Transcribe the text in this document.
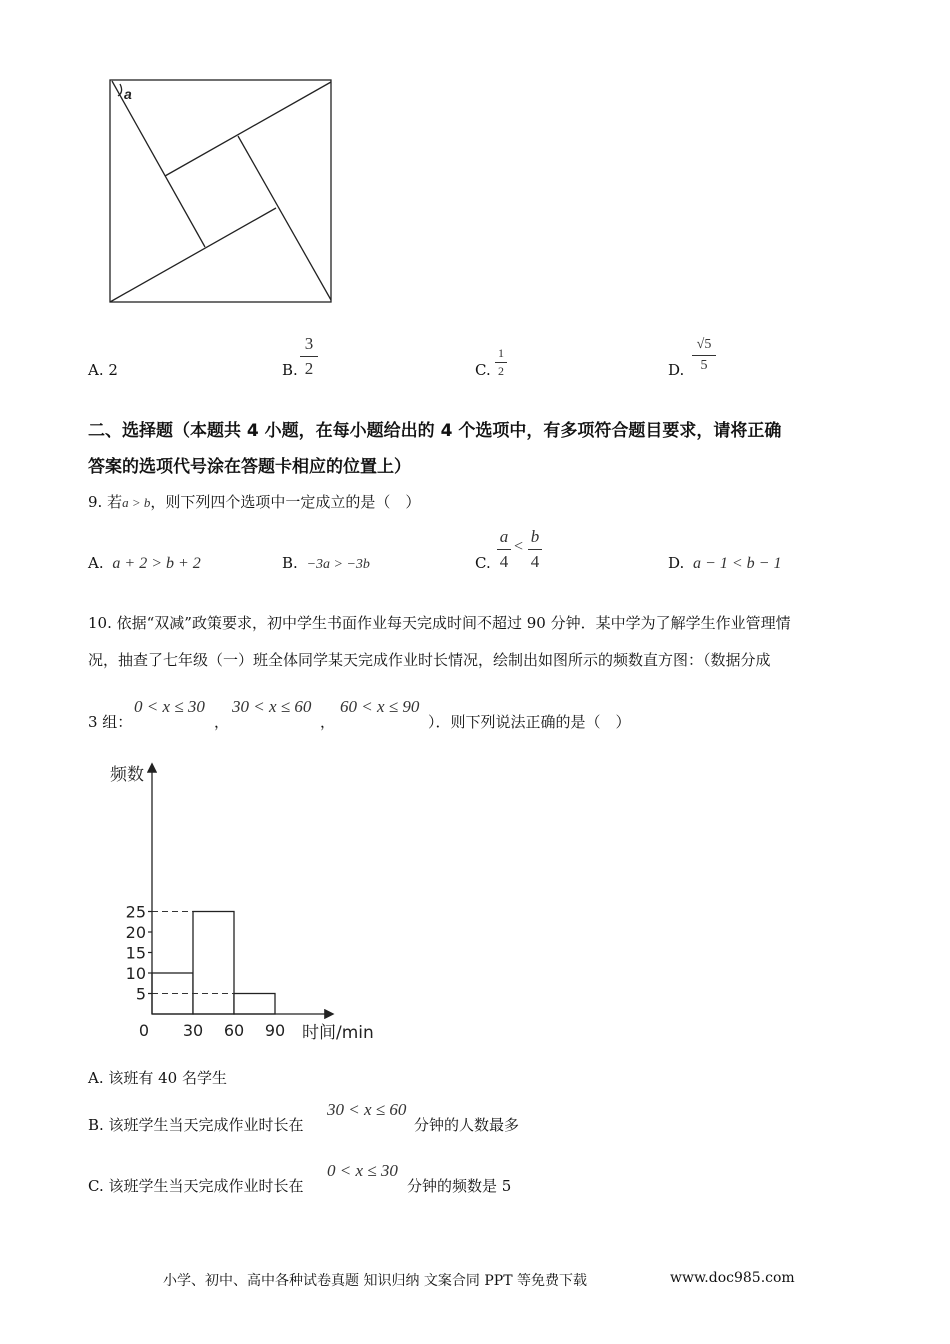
a
A. 2	B.
3
2	C.
1
2	D.
√5
5
二、选择题（本题共 4 小题，在每小题给出的 4 个选项中，有多项符合题目要求，请将正确
答案的选项代号涂在答题卡相应的位置上）
9. 若a > b，则下列四个选项中一定成立的是（　）
A. a + 2 > b + 2	B. −3a > −3b	C.
a
4
<
b
4	D. a − 1 < b − 1
10. 依据“双减”政策要求，初中学生书面作业每天完成时间不超过 90 分钟．某中学为了解学生作业管理情
况，抽查了七年级（一）班全体同学某天完成作业时长情况，绘制出如图所示的频数直方图：（数据分成
3 组：
0 < x ≤ 30
，
30 < x ≤ 60
，
60 < x ≤ 90
）．则下列说法正确的是（　）
频数
时间/min
5
10
15
20
25
0 30 60 90
A. 该班有 40 名学生
B. 该班学生当天完成作业时长在
30 < x ≤ 60
分钟的人数最多
C. 该班学生当天完成作业时长在
0 < x ≤ 30
分钟的频数是 5
小学、初中、高中各种试卷真题 知识归纳 文案合同 PPT 等免费下载	www.doc985.com
